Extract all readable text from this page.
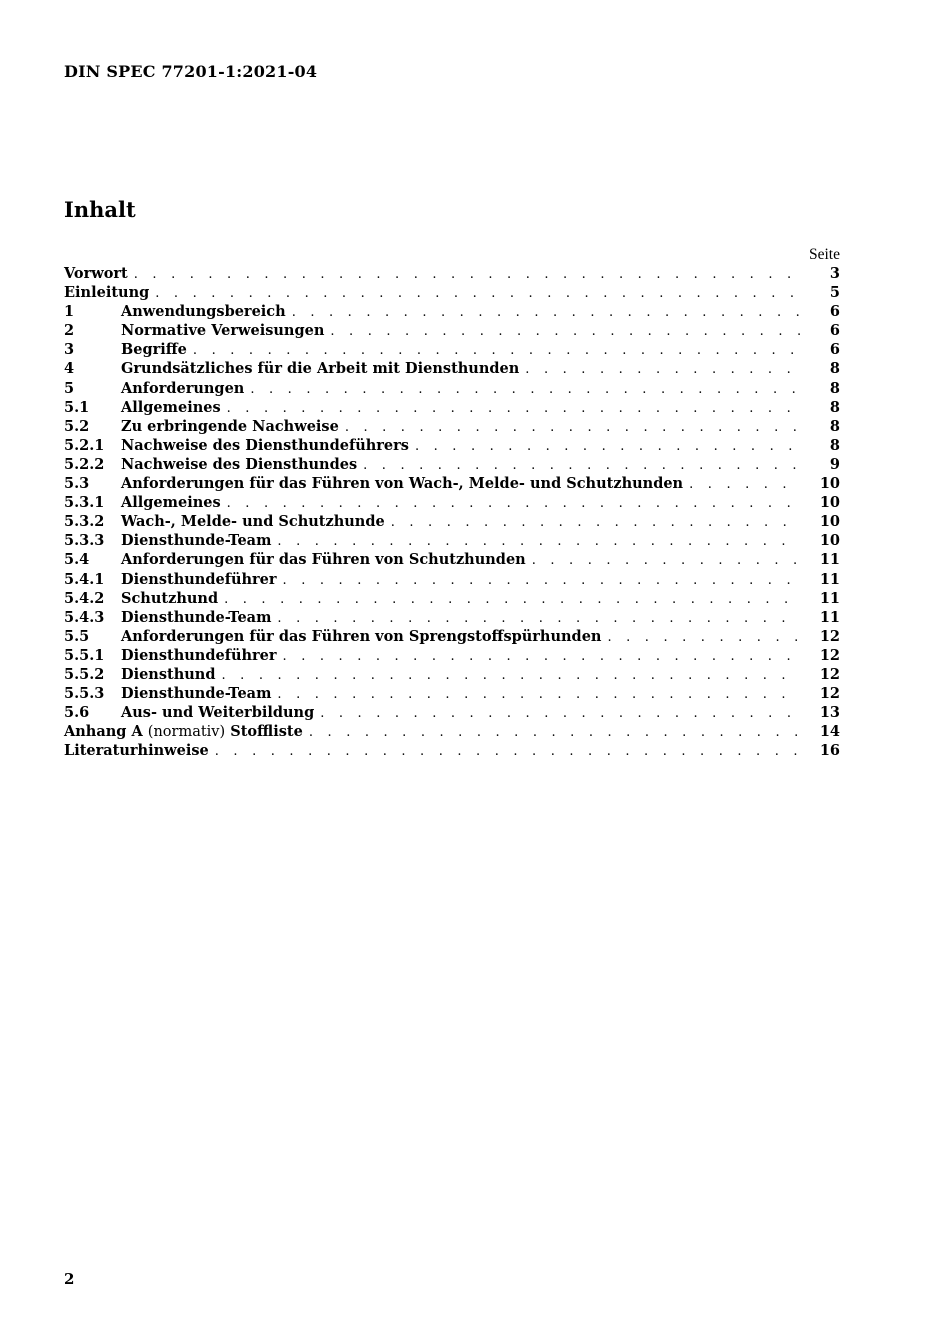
DIN SPEC 77201-1:2021-04
Inhalt
Seite
Vorwort . . .	3
Einleitung . . .	5
1	Anwendungsbereich . . .	6
2	Normative Verweisungen . . .	6
3	Begriffe . . .	6
4	Grundsätzliches für die Arbeit mit Diensthunden . . .	8
5	Anforderungen . . .	8
5.1	Allgemeines . . .	8
5.2	Zu erbringende Nachweise . . .	8
5.2.1	Nachweise des Diensthundeführers . . .	8
5.2.2	Nachweise des Diensthundes . . .	9
5.3	Anforderungen für das Führen von Wach-, Melde- und Schutzhunden . . .	10
5.3.1	Allgemeines . . .	10
5.3.2	Wach-, Melde- und Schutzhunde . . .	10
5.3.3	Diensthunde-Team . . .	10
5.4	Anforderungen für das Führen von Schutzhunden . . .	11
5.4.1	Diensthundeführer . . .	11
5.4.2	Schutzhund . . .	11
5.4.3	Diensthunde-Team . . .	11
5.5	Anforderungen für das Führen von Sprengstoffspürhunden . . .	12
5.5.1	Diensthundeführer . . .	12
5.5.2	Diensthund . . .	12
5.5.3	Diensthunde-Team . . .	12
5.6	Aus- und Weiterbildung . . .	13
Anhang A (normativ) Stoffliste . . .	14
Literaturhinweise . . .	16
2
